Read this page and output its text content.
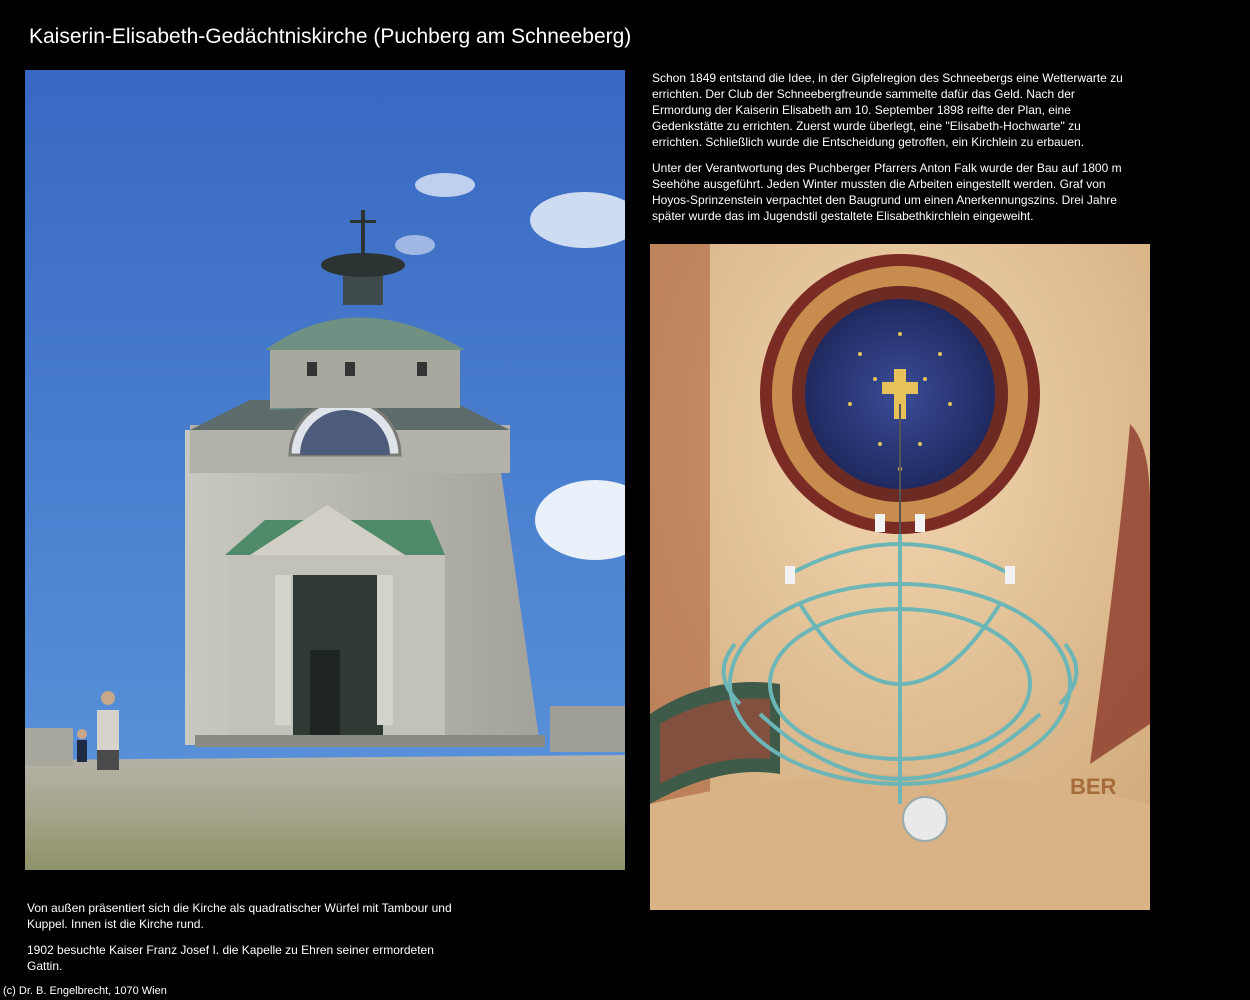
Kaiserin-Elisabeth-Gedächtniskirche (Puchberg am Schneeberg)

Schon 1849 entstand die Idee, in der Gipfelregion des Schneebergs eine Wetterwarte zu errichten. Der Club der Schneebergfreunde sammelte dafür das Geld. Nach der Ermordung der Kaiserin Elisabeth am 10. September 1898 reifte der Plan, eine Gedenkstätte zu errichten. Zuerst wurde überlegt, eine "Elisabeth-Hochwarte" zu errichten. Schließlich wurde die Entscheidung getroffen, ein Kirchlein zu erbauen.

Unter der Verantwortung des Puchberger Pfarrers Anton Falk wurde der Bau auf 1800 m Seehöhe ausgeführt. Jeden Winter mussten die Arbeiten eingestellt werden. Graf von Hoyos-Sprinzenstein verpachtet den Baugrund um einen Anerkennungszins. Drei Jahre später wurde das im Jugendstil gestaltete Elisabethkirchlein eingeweiht.

BER

Von außen präsentiert sich die Kirche als quadratischer Würfel mit Tambour und Kuppel. Innen ist die Kirche rund.

1902 besuchte Kaiser Franz Josef I. die Kapelle zu Ehren seiner ermordeten Gattin.

(c) Dr. B. Engelbrecht, 1070 Wien
